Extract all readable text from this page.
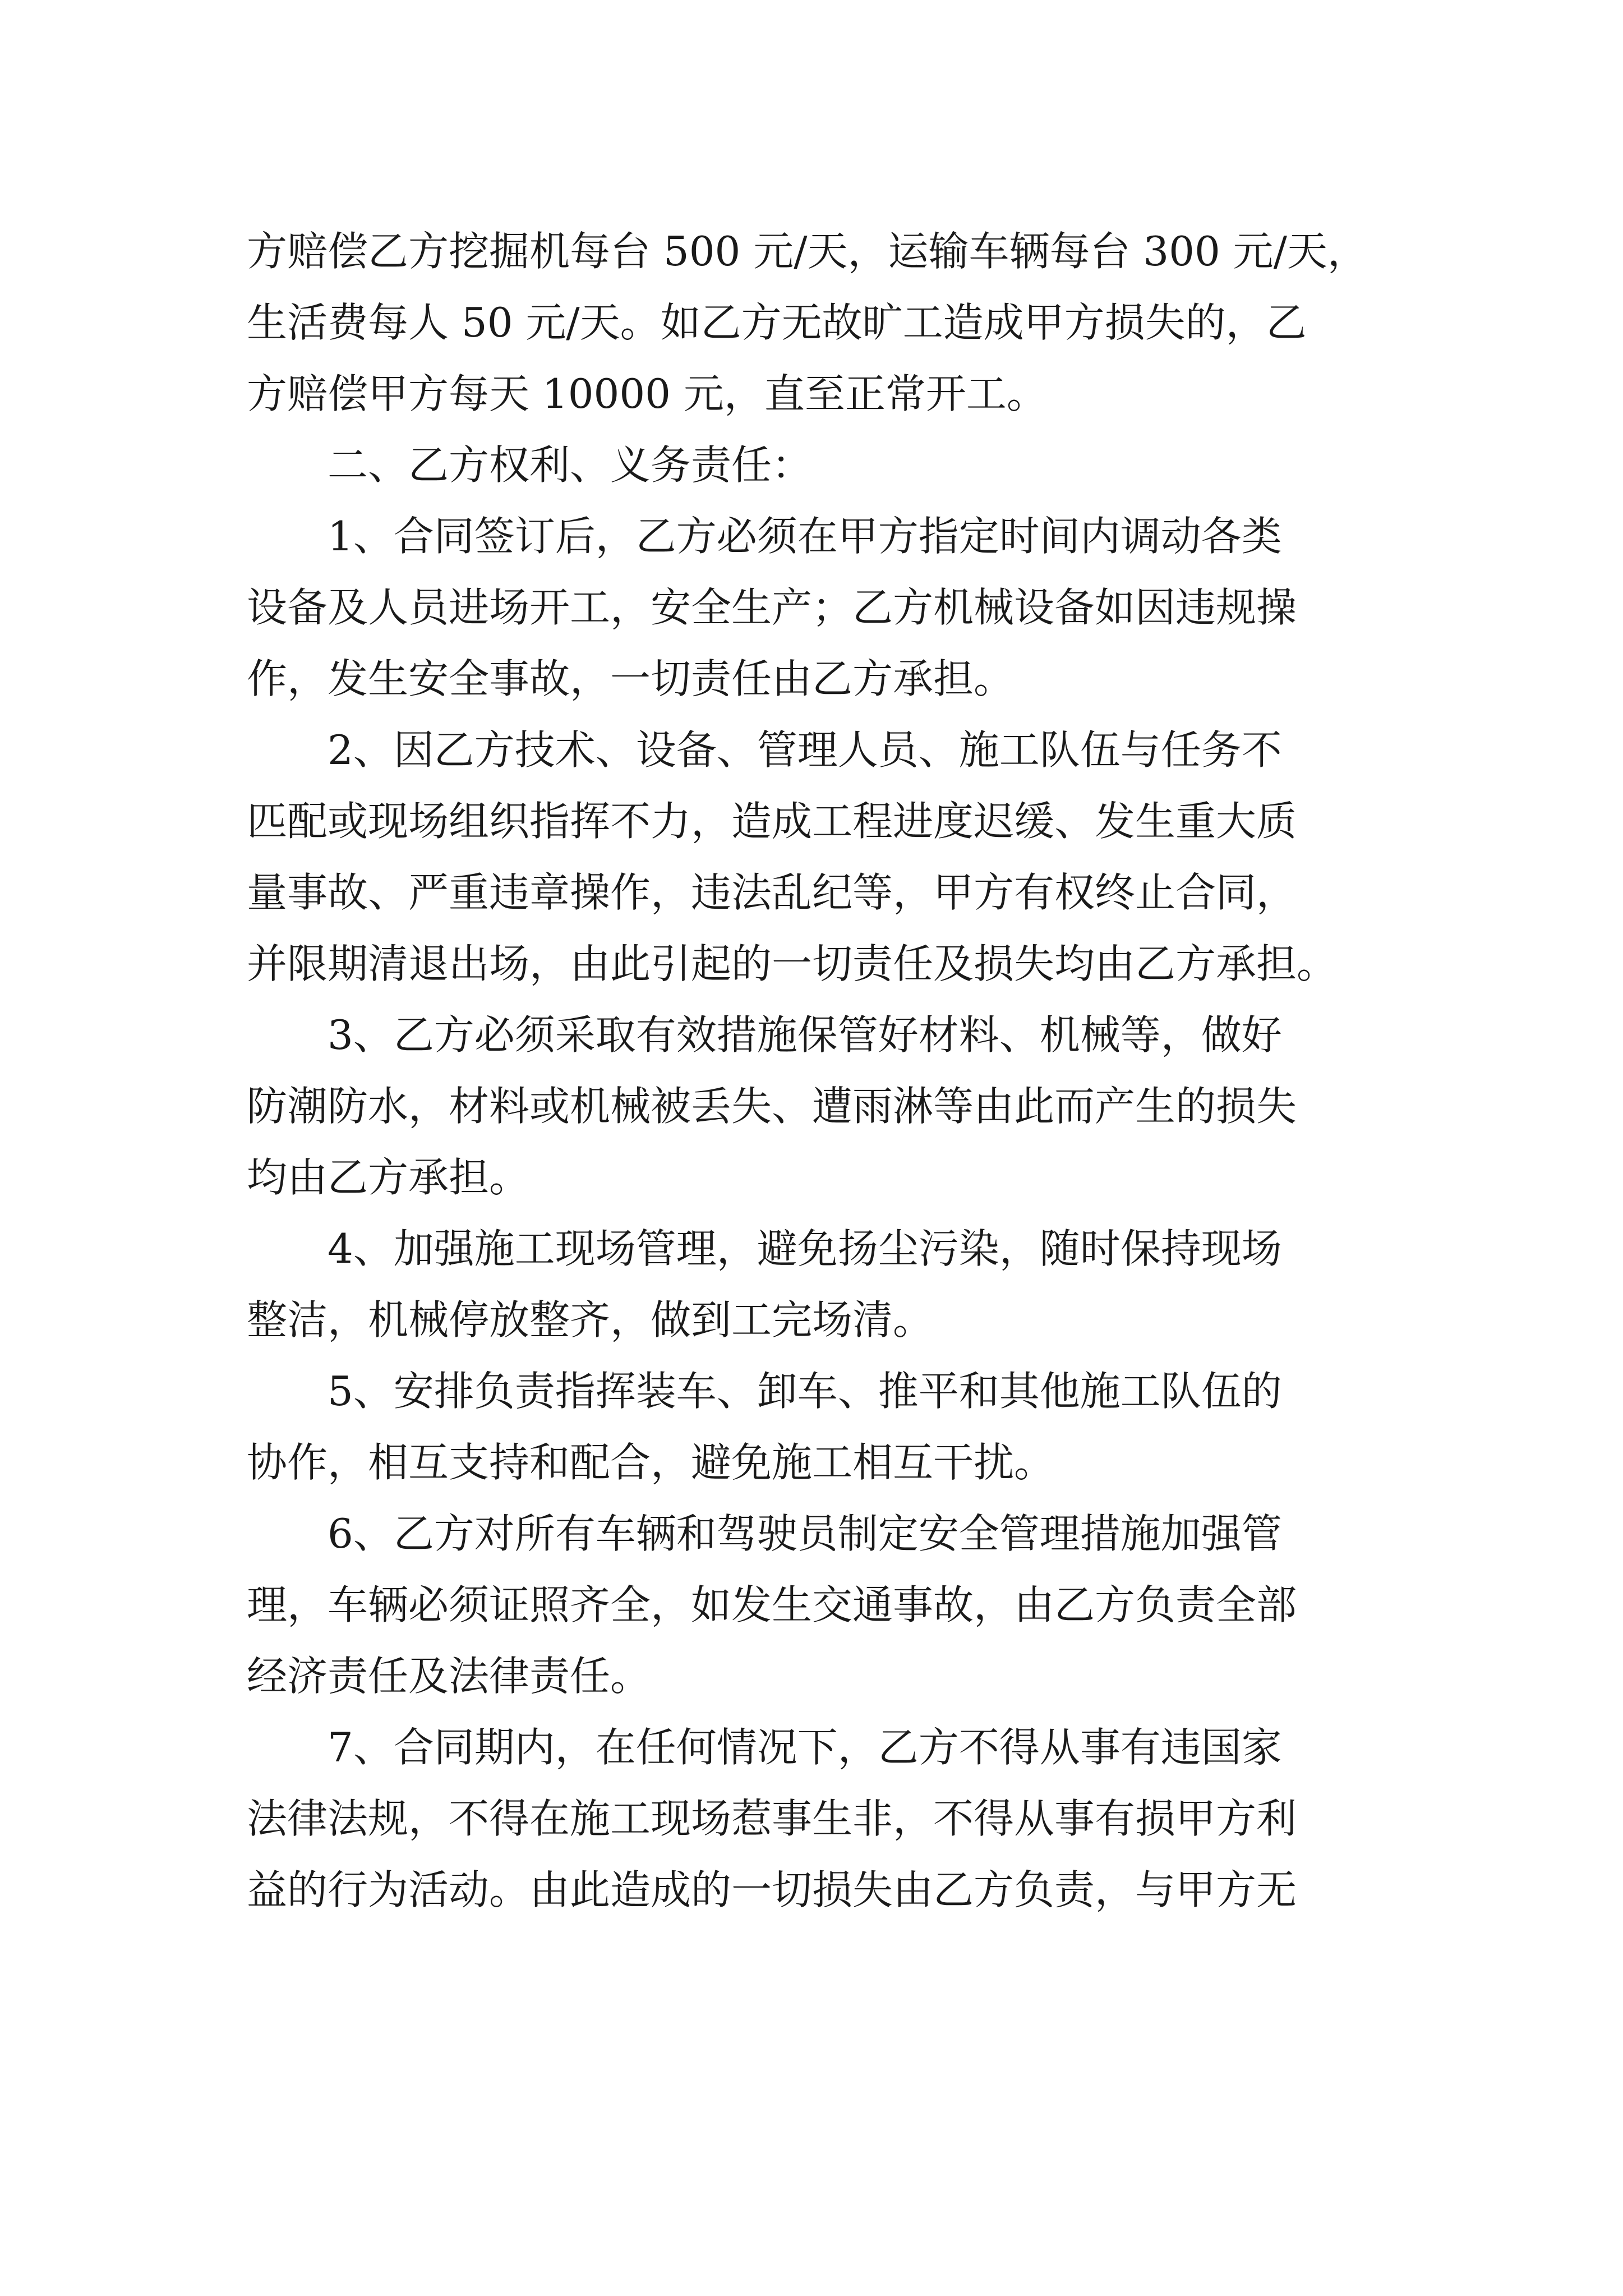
方赔偿乙方挖掘机每台 500 元/天，运输车辆每台 300 元/天，
生活费每人 50 元/天。如乙方无故旷工造成甲方损失的，乙
方赔偿甲方每天 10000 元，直至正常开工。
二、乙方权利、义务责任：
1、合同签订后，乙方必须在甲方指定时间内调动各类
设备及人员进场开工，安全生产；乙方机械设备如因违规操
作，发生安全事故，一切责任由乙方承担。
2、因乙方技术、设备、管理人员、施工队伍与任务不
匹配或现场组织指挥不力，造成工程进度迟缓、发生重大质
量事故、严重违章操作，违法乱纪等，甲方有权终止合同，
并限期清退出场，由此引起的一切责任及损失均由乙方承担。
3、乙方必须采取有效措施保管好材料、机械等，做好
防潮防水，材料或机械被丢失、遭雨淋等由此而产生的损失
均由乙方承担。
4、加强施工现场管理，避免扬尘污染，随时保持现场
整洁，机械停放整齐，做到工完场清。
5、安排负责指挥装车、卸车、推平和其他施工队伍的
协作，相互支持和配合，避免施工相互干扰。
6、乙方对所有车辆和驾驶员制定安全管理措施加强管
理，车辆必须证照齐全，如发生交通事故，由乙方负责全部
经济责任及法律责任。
7、合同期内，在任何情况下，乙方不得从事有违国家
法律法规，不得在施工现场惹事生非，不得从事有损甲方利
益的行为活动。由此造成的一切损失由乙方负责，与甲方无
